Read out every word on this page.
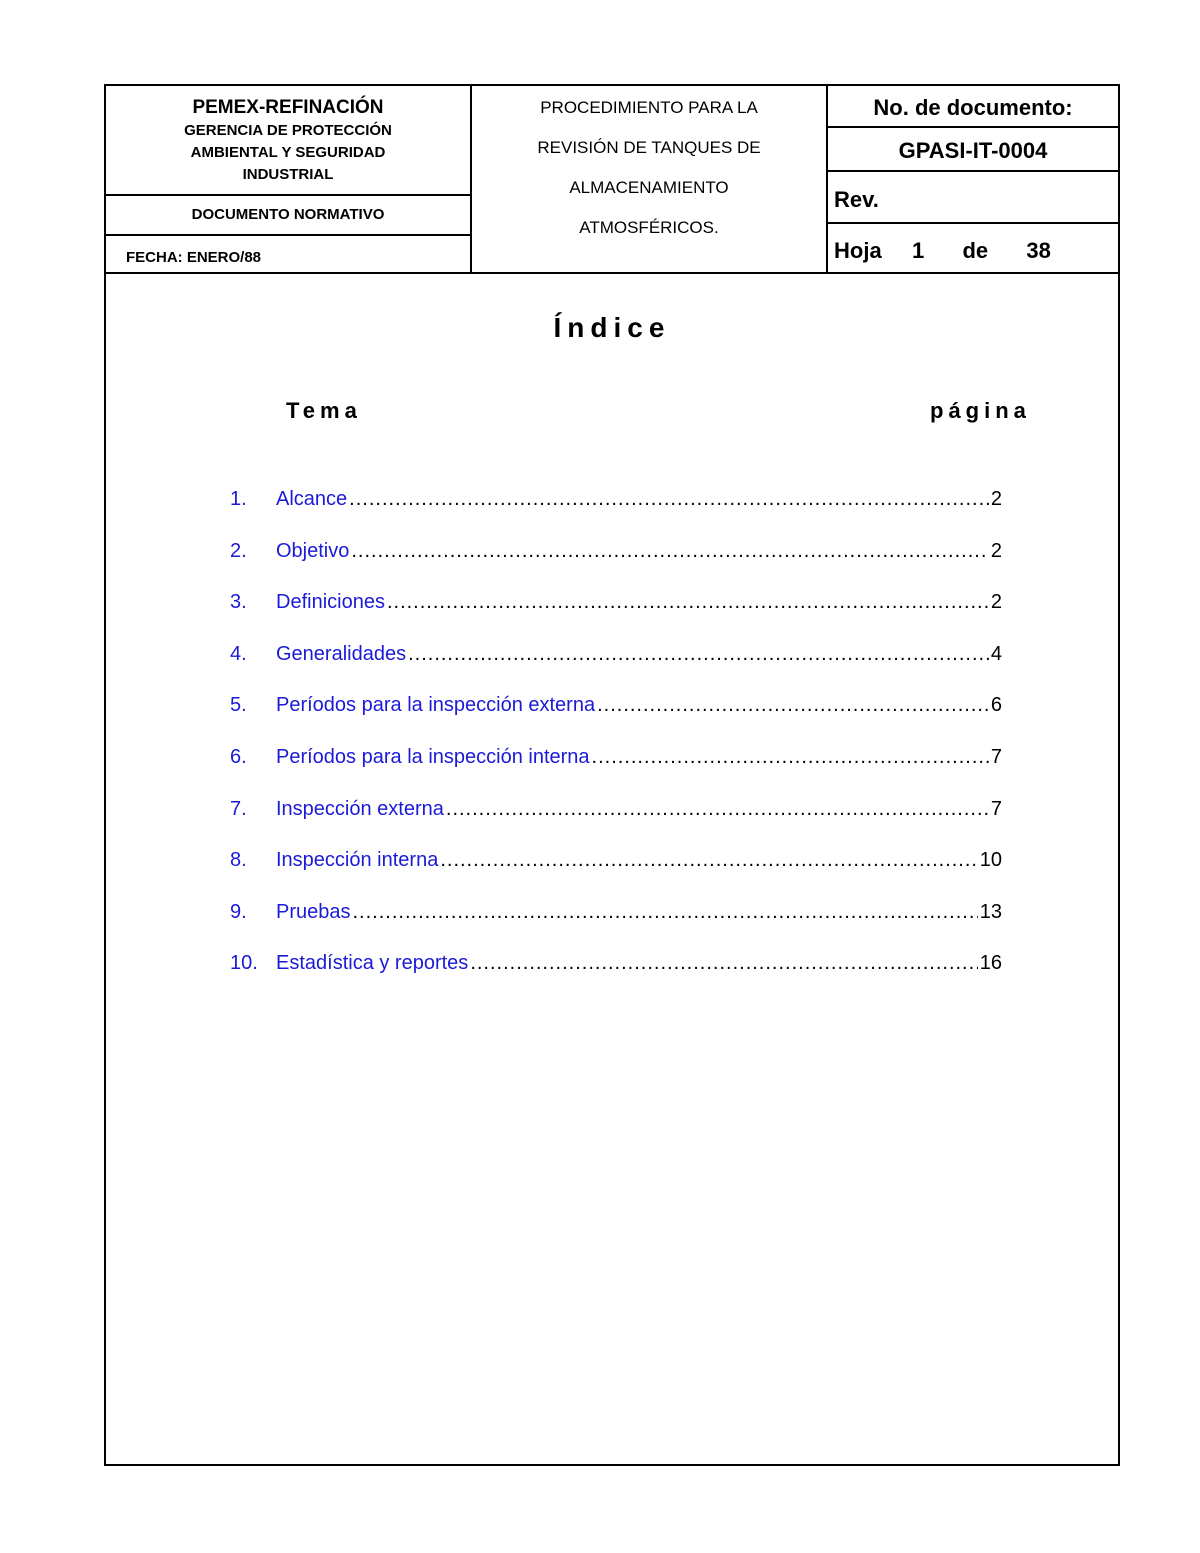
PEMEX-REFINACIÓN
GERENCIA DE PROTECCIÓN
AMBIENTAL Y SEGURIDAD
INDUSTRIAL
DOCUMENTO NORMATIVO
FECHA: ENERO/88
PROCEDIMIENTO PARA LA
REVISIÓN DE TANQUES DE
ALMACENAMIENTO
ATMOSFÉRICOS.
No. de documento:
GPASI-IT-0004
Rev.
Hoja 1 de 38
Índice
Tema	página
1.	Alcance .....	2
2.	Objetivo .....	2
3.	Definiciones .....	2
4.	Generalidades .....	4
5.	Períodos para la inspección externa .....	6
6.	Períodos para la inspección interna .....	7
7.	Inspección externa .....	7
8.	Inspección interna .....	10
9.	Pruebas .....	13
10. Estadística y reportes .....	16
